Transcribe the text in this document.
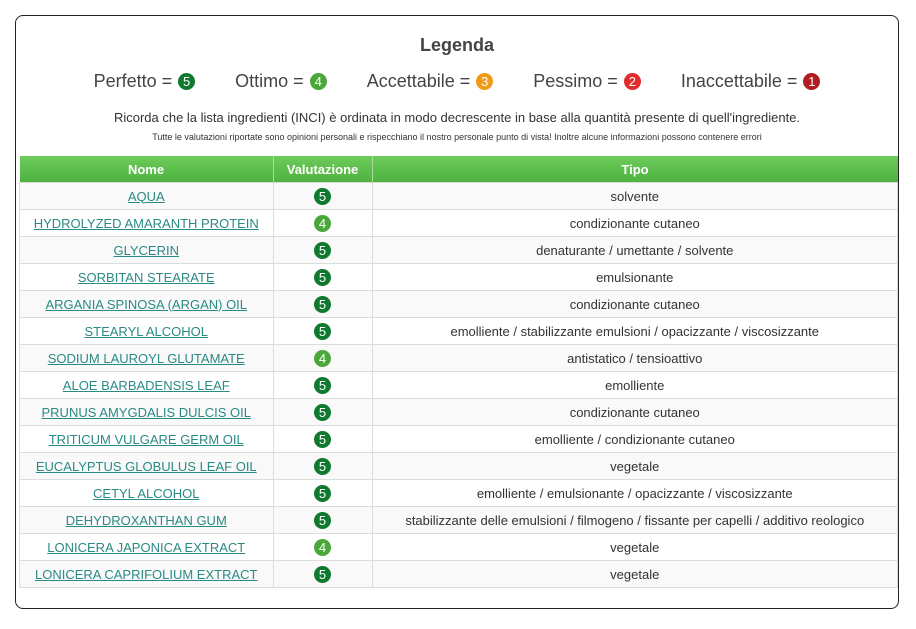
Legenda
Perfetto = 5 Ottimo = 4 Accettabile = 3 Pessimo = 2 Inaccettabile = 1
Ricorda che la lista ingredienti (INCI) è ordinata in modo decrescente in base alla quantità presente di quell'ingrediente.
Tutte le valutazioni riportate sono opinioni personali e rispecchiano il nostro personale punto di vista! Inoltre alcune informazioni possono contenere errori
Nome	Valutazione	Tipo
AQUA	5	solvente
HYDROLYZED AMARANTH PROTEIN	4	condizionante cutaneo
GLYCERIN	5	denaturante / umettante / solvente
SORBITAN STEARATE	5	emulsionante
ARGANIA SPINOSA (ARGAN) OIL	5	condizionante cutaneo
STEARYL ALCOHOL	5	emolliente / stabilizzante emulsioni / opacizzante / viscosizzante
SODIUM LAUROYL GLUTAMATE	4	antistatico / tensioattivo
ALOE BARBADENSIS LEAF	5	emolliente
PRUNUS AMYGDALIS DULCIS OIL	5	condizionante cutaneo
TRITICUM VULGARE GERM OIL	5	emolliente / condizionante cutaneo
EUCALYPTUS GLOBULUS LEAF OIL	5	vegetale
CETYL ALCOHOL	5	emolliente / emulsionante / opacizzante / viscosizzante
DEHYDROXANTHAN GUM	5	stabilizzante delle emulsioni / filmogeno / fissante per capelli / additivo reologico
LONICERA JAPONICA EXTRACT	4	vegetale
LONICERA CAPRIFOLIUM EXTRACT	5	vegetale
